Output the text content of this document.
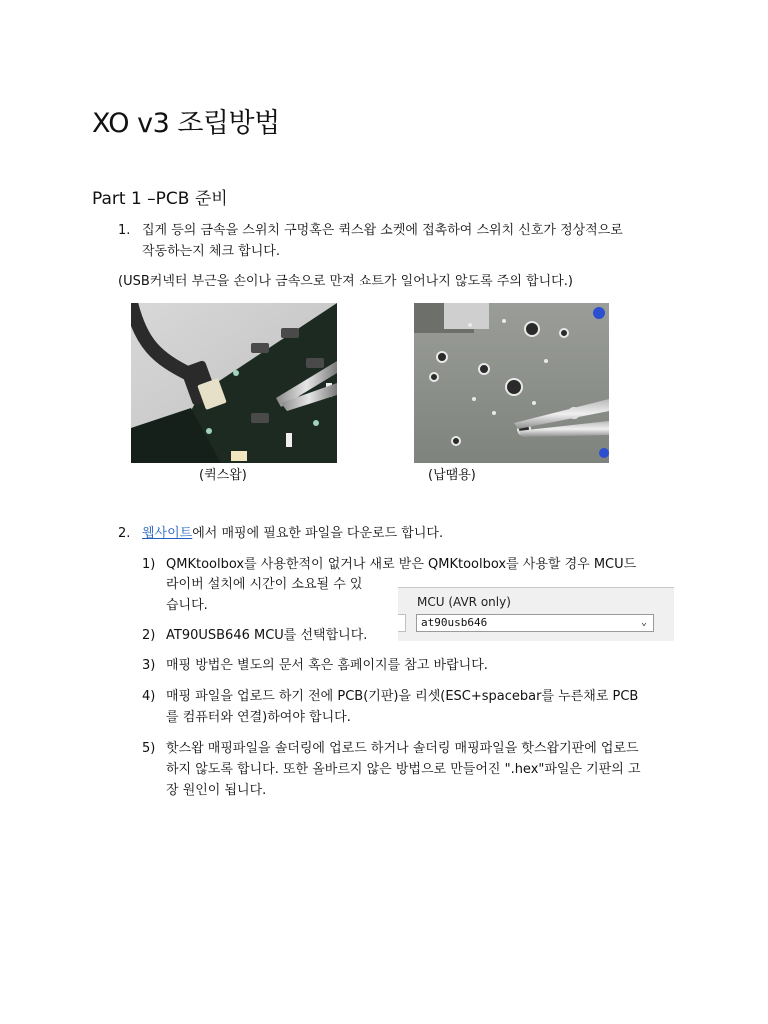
XO v3 조립방법
Part 1 –PCB 준비
1. 집게 등의 금속을 스위치 구멍혹은 퀵스왑 소켓에 접촉하여 스위치 신호가 정상적으로
작동하는지 체크 합니다.
(USB커넥터 부근을 손이나 금속으로 만져 쇼트가 일어나지 않도록 주의 합니다.)
(퀵스왑)	(납땜용)
2. 웹사이트에서 매핑에 필요한 파일을 다운로드 합니다.
1) QMKtoolbox를 사용한적이 없거나 새로 받은 QMKtoolbox를 사용할 경우 MCU드
라이버 설치에 시간이 소요될 수 있
습니다.
2) AT90USB646 MCU를 선택합니다.
3) 매핑 방법은 별도의 문서 혹은 홈페이지를 참고 바랍니다.
4) 매핑 파일을 업로드 하기 전에 PCB(기판)을 리셋(ESC+spacebar를 누른채로 PCB
를 컴퓨터와 연결)하여야 합니다.
5) 핫스왑 매핑파일을 솔더링에 업로드 하거나 솔더링 매핑파일을 핫스왑기판에 업로드
하지 않도록 합니다. 또한 올바르지 않은 방법으로 만들어진 ".hex"파일은 기판의 고
장 원인이 됩니다.
MCU (AVR only)
at90usb646	⌄
